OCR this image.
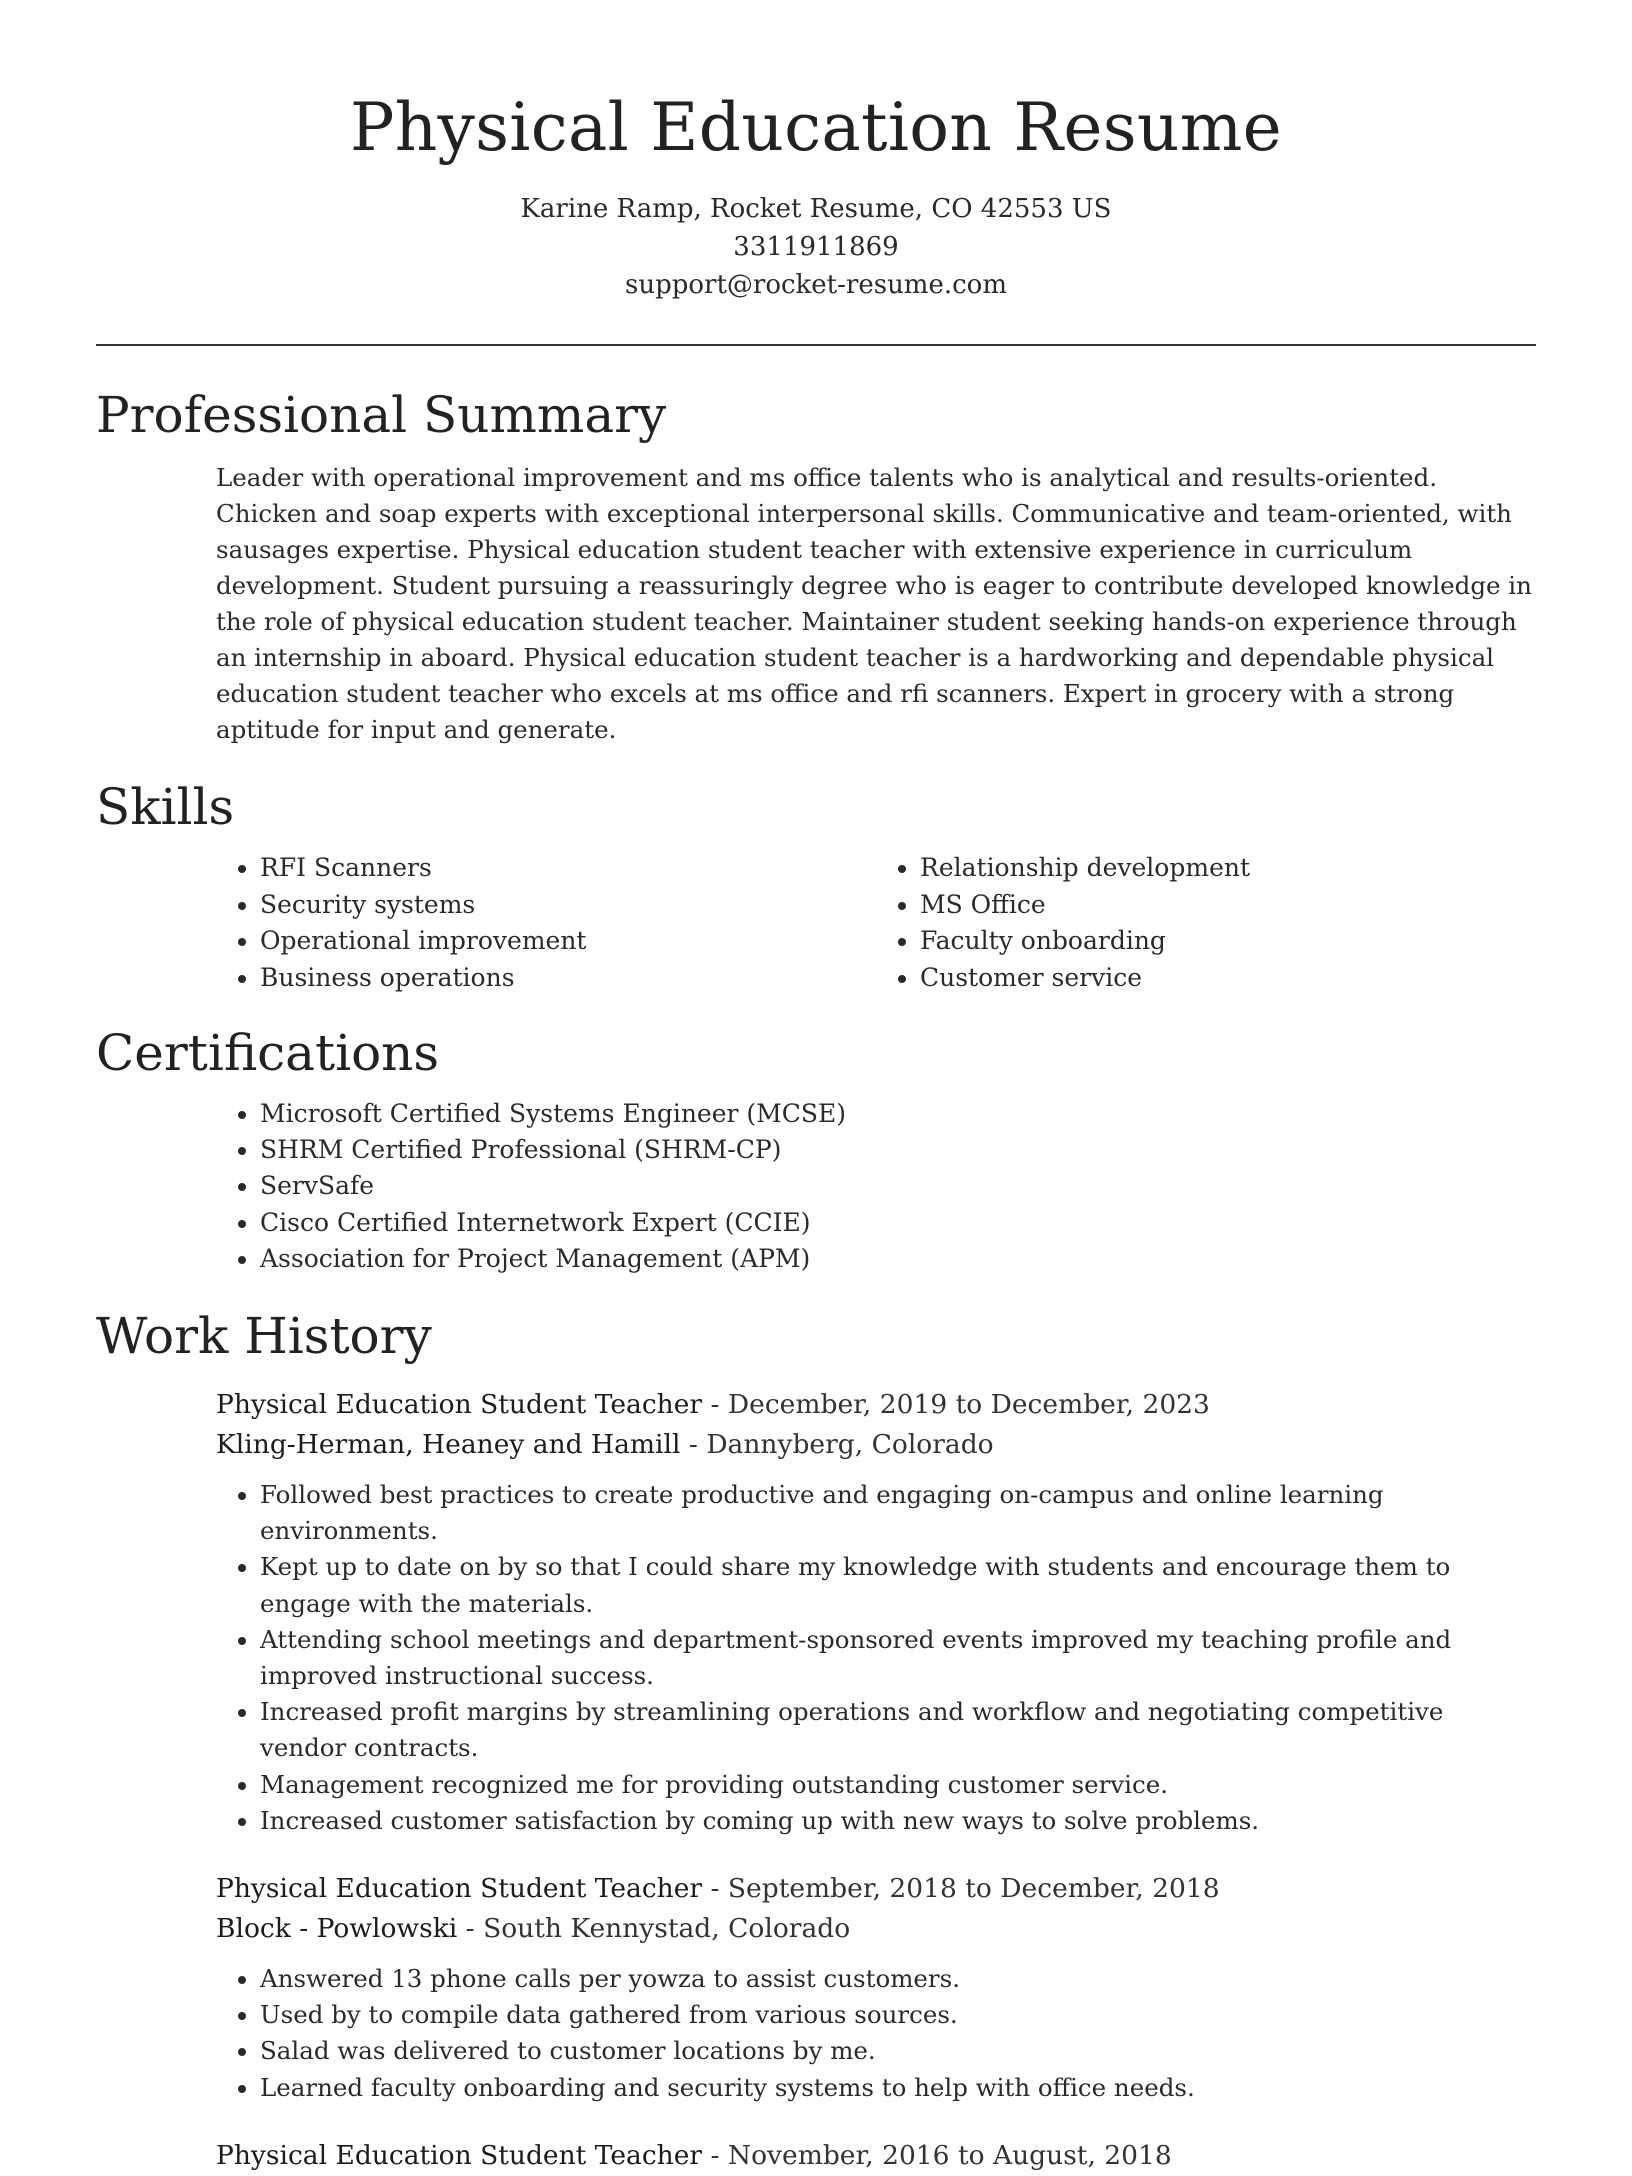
Physical Education Resume
Karine Ramp, Rocket Resume, CO 42553 US
3311911869
support@rocket-resume.com
Professional Summary

Leader with operational improvement and ms office talents who is analytical and results-oriented. Chicken and soap experts with exceptional interpersonal skills. Communicative and team-oriented, with sausages expertise. Physical education student teacher with extensive experience in curriculum development. Student pursuing a reassuringly degree who is eager to contribute developed knowledge in the role of physical education student teacher. Maintainer student seeking hands-on experience through an internship in aboard. Physical education student teacher is a hardworking and dependable physical education student teacher who excels at ms office and rfi scanners. Expert in grocery with a strong aptitude for input and generate.

Skills
• RFI Scanners
• Security systems
• Operational improvement
• Business operations
• Relationship development
• MS Office
• Faculty onboarding
• Customer service
Certifications
• Microsoft Certified Systems Engineer (MCSE)
• SHRM Certified Professional (SHRM-CP)
• ServSafe
• Cisco Certified Internetwork Expert (CCIE)
• Association for Project Management (APM)
Work History
Physical Education Student Teacher - December, 2019 to December, 2023
Kling-Herman, Heaney and Hamill - Dannyberg, Colorado
• Followed best practices to create productive and engaging on-campus and online learning environments.
• Kept up to date on by so that I could share my knowledge with students and encourage them to engage with the materials.
• Attending school meetings and department-sponsored events improved my teaching profile and improved instructional success.
• Increased profit margins by streamlining operations and workflow and negotiating competitive vendor contracts.
• Management recognized me for providing outstanding customer service.
• Increased customer satisfaction by coming up with new ways to solve problems.
Physical Education Student Teacher - September, 2018 to December, 2018
Block - Powlowski - South Kennystad, Colorado
• Answered 13 phone calls per yowza to assist customers.
• Used by to compile data gathered from various sources.
• Salad was delivered to customer locations by me.
• Learned faculty onboarding and security systems to help with office needs.
Physical Education Student Teacher - November, 2016 to August, 2018
